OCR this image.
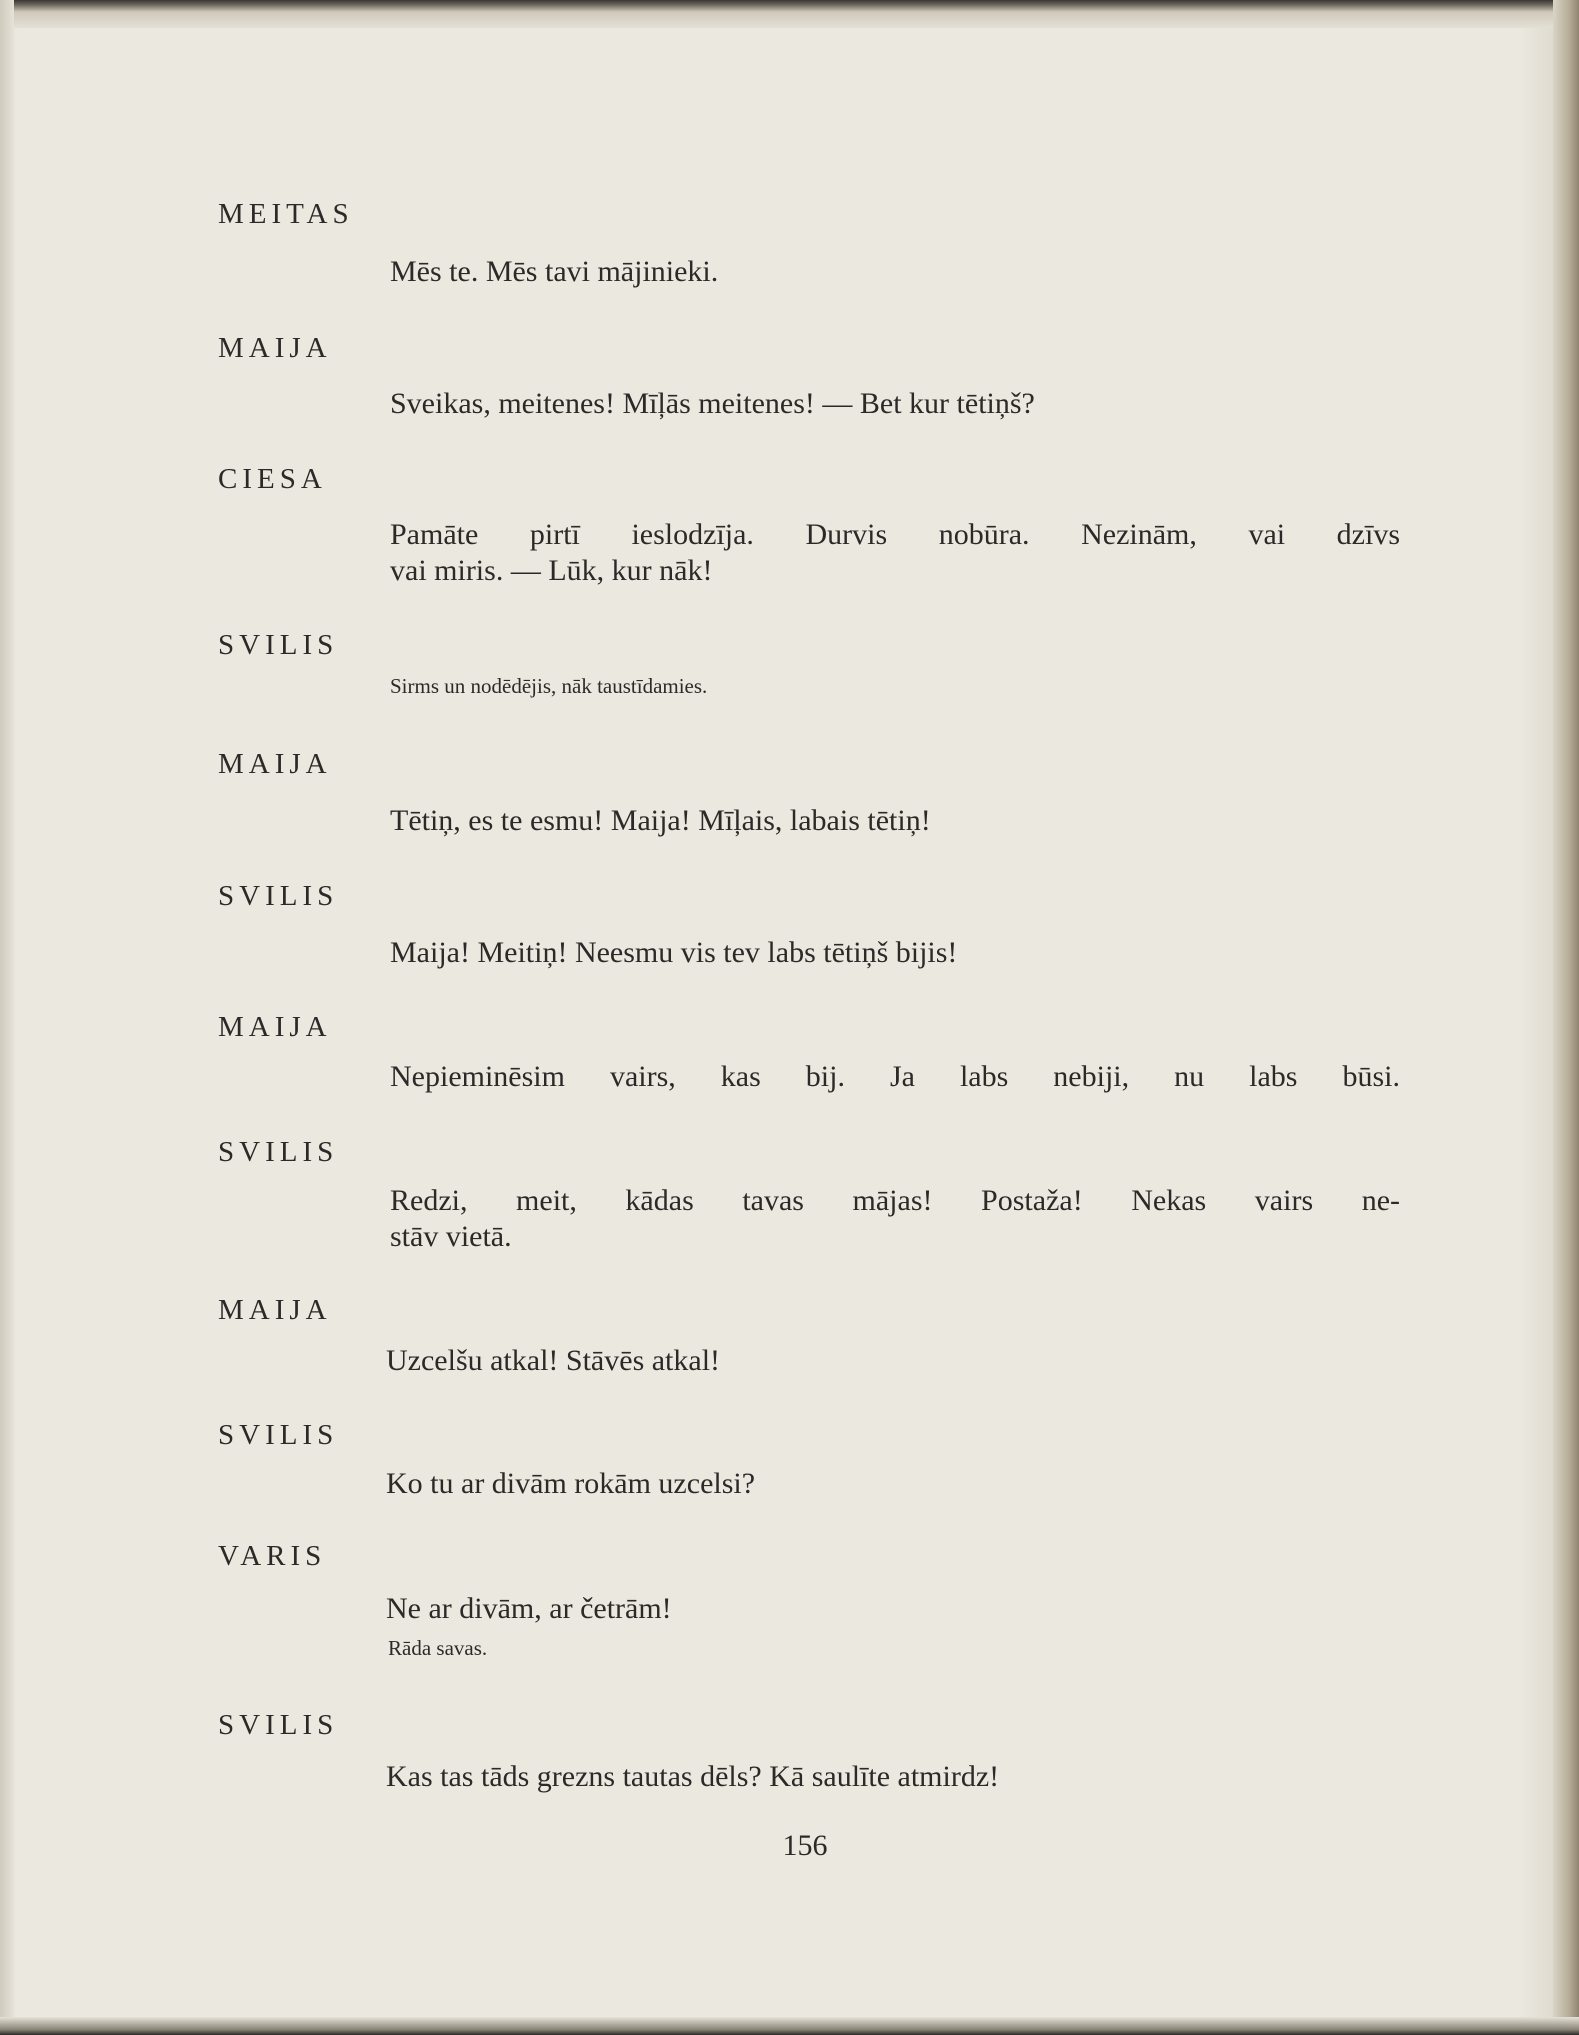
MEITAS
Mēs te. Mēs tavi mājinieki.
MAIJA
Sveikas, meitenes! Mīļās meitenes! — Bet kur tētiņš?
CIESA
Pamāte pirtī ieslodzīja. Durvis nobūra. Nezinām, vai dzīvs
vai miris. — Lūk, kur nāk!
SVILIS
Sirms un nodēdējis, nāk taustīdamies.
MAIJA
Tētiņ, es te esmu! Maija! Mīļais, labais tētiņ!
SVILIS
Maija! Meitiņ! Neesmu vis tev labs tētiņš bijis!
MAIJA
Nepieminēsim vairs, kas bij. Ja labs nebiji, nu labs būsi.
SVILIS
Redzi, meit, kādas tavas mājas! Postaža! Nekas vairs ne-
stāv vietā.
MAIJA
Uzcelšu atkal! Stāvēs atkal!
SVILIS
Ko tu ar divām rokām uzcelsi?
VARIS
Ne ar divām, ar četrām!
Rāda savas.
SVILIS
Kas tas tāds grezns tautas dēls? Kā saulīte atmirdz!
156
